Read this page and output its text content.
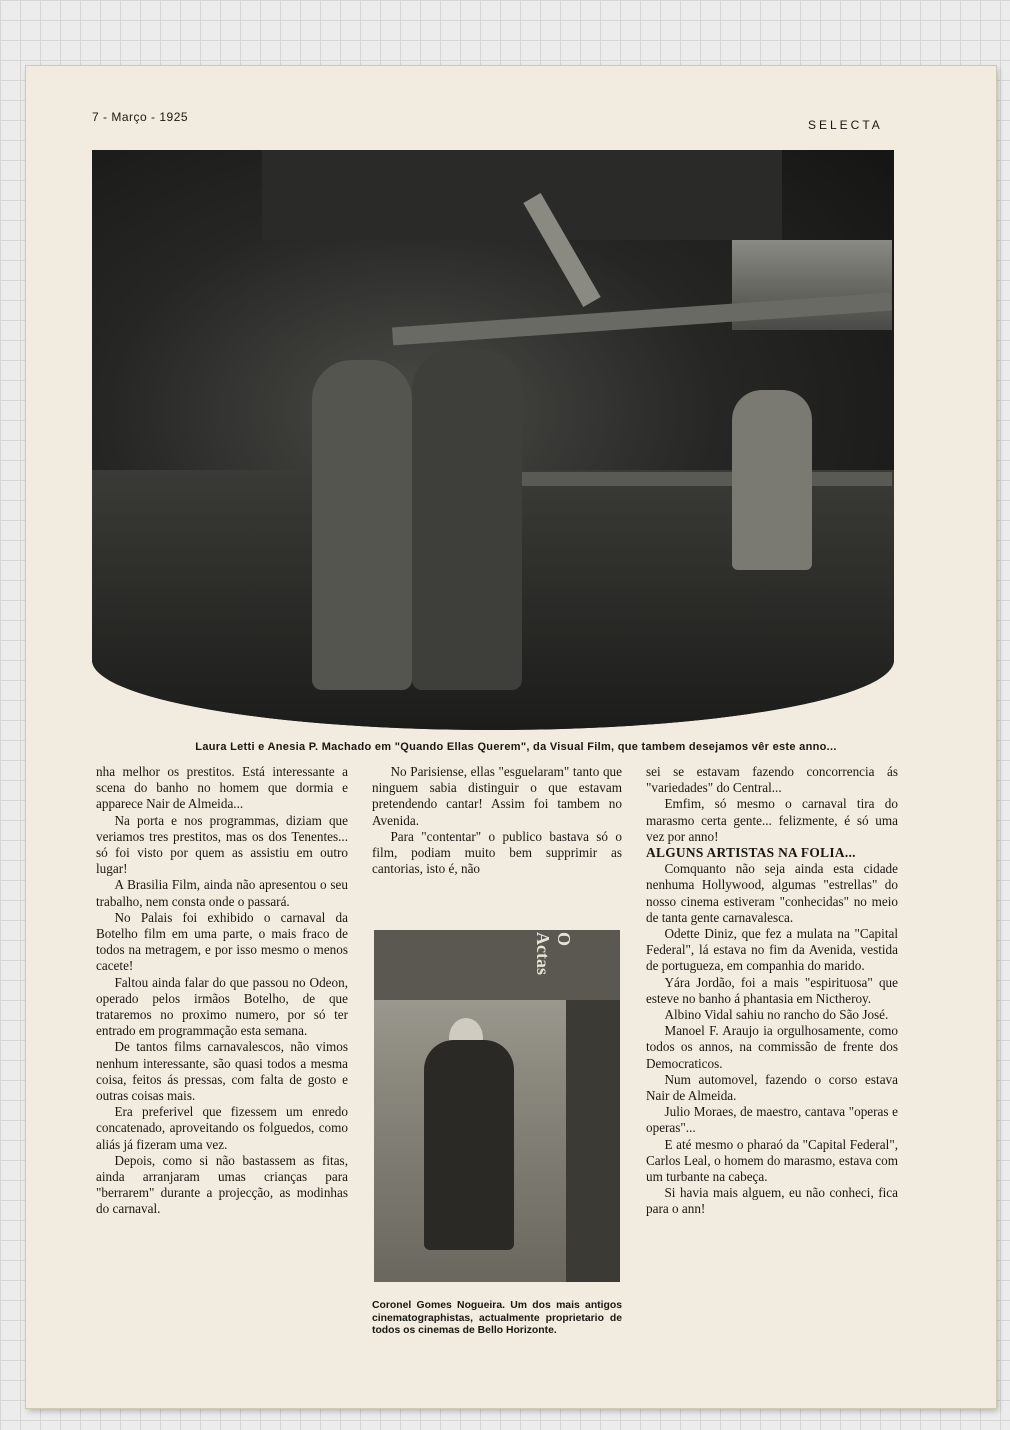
7 - Março - 1925
SELECTA
Laura Letti e Anesia P. Machado em "Quando Ellas Querem", da Visual Film, que tambem desejamos vêr este anno...

nha melhor os prestitos. Está interessante a scena do banho no homem que dormia e apparece Nair de Almeida...

Na porta e nos programmas, diziam que veriamos tres prestitos, mas os dos Tenentes... só foi visto por quem as assistiu em outro lugar!

A Brasilia Film, ainda não apresentou o seu trabalho, nem consta onde o passará.

No Palais foi exhibido o carnaval da Botelho film em uma parte, o mais fraco de todos na metragem, e por isso mesmo o menos cacete!

Faltou ainda falar do que passou no Odeon, operado pelos irmãos Botelho, de que trataremos no proximo numero, por só ter entrado em programmação esta semana.

De tantos films carnavalescos, não vimos nenhum interessante, são quasi todos a mesma coisa, feitos ás pressas, com falta de gosto e outras coisas mais.

Era preferivel que fizessem um enredo concatenado, aproveitando os folguedos, como aliás já fizeram uma vez.

Depois, como si não bastassem as fitas, ainda arranjaram umas crianças para "berrarem" durante a projecção, as modinhas do carnaval.

No Parisiense, ellas "esguelaram" tanto que ninguem sabia distinguir o que estavam pretendendo cantar! Assim foi tambem no Avenida.

Para "contentar" o publico bastava só o film, podiam muito bem supprimir as cantorias, isto é, não

O Actas
Coronel Gomes Nogueira. Um dos mais antigos cinematographistas, actualmente proprietario de todos os cinemas de Bello Horizonte.

sei se estavam fazendo concorrencia ás "variedades" do Central...

Emfim, só mesmo o carnaval tira do marasmo certa gente... felizmente, é só uma vez por anno!

ALGUNS ARTISTAS NA FOLIA...

Comquanto não seja ainda esta cidade nenhuma Hollywood, algumas "estrellas" do nosso cinema estiveram "conhecidas" no meio de tanta gente carnavalesca.

Odette Diniz, que fez a mulata na "Capital Federal", lá estava no fim da Avenida, vestida de portugueza, em companhia do marido.

Yára Jordão, foi a mais "espirituosa" que esteve no banho á phantasia em Nictheroy.

Albino Vidal sahiu no rancho do São José.

Manoel F. Araujo ia orgulhosamente, como todos os annos, na commissão de frente dos Democraticos.

Num automovel, fazendo o corso estava Nair de Almeida.

Julio Moraes, de maestro, cantava "operas e operas"...

E até mesmo o pharaó da "Capital Federal", Carlos Leal, o homem do marasmo, estava com um turbante na cabeça.

Si havia mais alguem, eu não conheci, fica para o ann!
